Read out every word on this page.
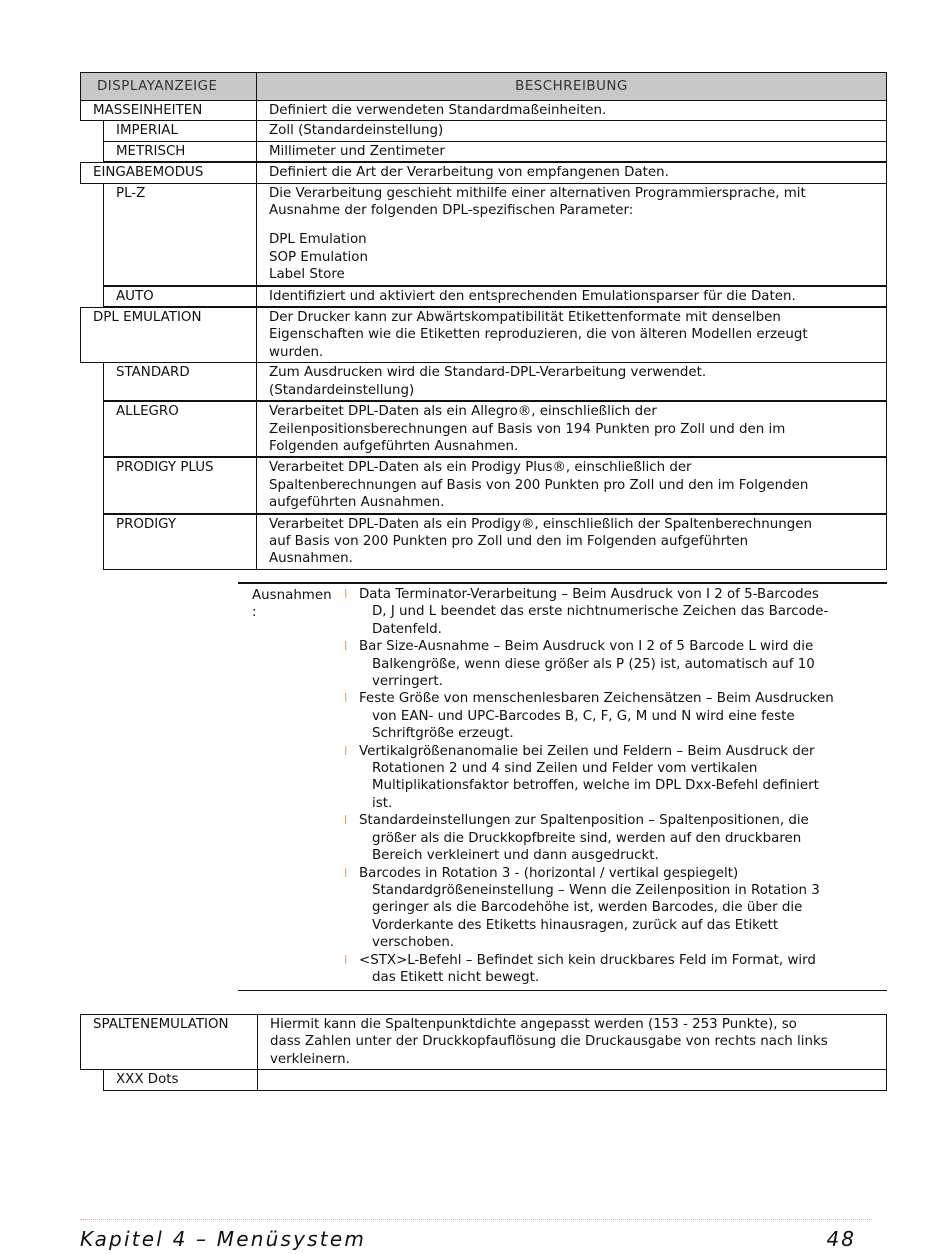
DISPLAYANZEIGE	BESCHREIBUNG
MASSEINHEITEN	Definiert die verwendeten Standardmaßeinheiten.
IMPERIAL	Zoll (Standardeinstellung)
METRISCH	Millimeter und Zentimeter
EINGABEMODUS	Definiert die Art der Verarbeitung von empfangenen Daten.
PL-Z	Die Verarbeitung geschieht mithilfe einer alternativen Programmiersprache, mit
Ausnahme der folgenden DPL-spezifischen Parameter:
DPL Emulation
SOP Emulation
Label Store
AUTO	Identifiziert und aktiviert den entsprechenden Emulationsparser für die Daten.
DPL EMULATION	Der Drucker kann zur Abwärtskompatibilität Etikettenformate mit denselben
Eigenschaften wie die Etiketten reproduzieren, die von älteren Modellen erzeugt
wurden.
STANDARD	Zum Ausdrucken wird die Standard-DPL-Verarbeitung verwendet.
(Standardeinstellung)
ALLEGRO	Verarbeitet DPL-Daten als ein Allegro®, einschließlich der
Zeilenpositionsberechnungen auf Basis von 194 Punkten pro Zoll und den im
Folgenden aufgeführten Ausnahmen.
PRODIGY PLUS	Verarbeitet DPL-Daten als ein Prodigy Plus®, einschließlich der
Spaltenberechnungen auf Basis von 200 Punkten pro Zoll und den im Folgenden
aufgeführten Ausnahmen.
PRODIGY	Verarbeitet DPL-Daten als ein Prodigy®, einschließlich der Spaltenberechnungen
auf Basis von 200 Punkten pro Zoll und den im Folgenden aufgeführten
Ausnahmen.
Ausnahmen
:
❘ Data Terminator-Verarbeitung – Beim Ausdruck von I 2 of 5-Barcodes
D, J und L beendet das erste nichtnumerische Zeichen das Barcode-
Datenfeld.
❘ Bar Size-Ausnahme – Beim Ausdruck von I 2 of 5 Barcode L wird die
Balkengröße, wenn diese größer als P (25) ist, automatisch auf 10
verringert.
❘ Feste Größe von menschenlesbaren Zeichensätzen – Beim Ausdrucken
von EAN- und UPC-Barcodes B, C, F, G, M und N wird eine feste
Schriftgröße erzeugt.
❘ Vertikalgrößenanomalie bei Zeilen und Feldern – Beim Ausdruck der
Rotationen 2 und 4 sind Zeilen und Felder vom vertikalen
Multiplikationsfaktor betroffen, welche im DPL Dxx-Befehl definiert
ist.
❘ Standardeinstellungen zur Spaltenposition – Spaltenpositionen, die
größer als die Druckkopfbreite sind, werden auf den druckbaren
Bereich verkleinert und dann ausgedruckt.
❘ Barcodes in Rotation 3 - (horizontal / vertikal gespiegelt)
Standardgrößeneinstellung – Wenn die Zeilenposition in Rotation 3
geringer als die Barcodehöhe ist, werden Barcodes, die über die
Vorderkante des Etiketts hinausragen, zurück auf das Etikett
verschoben.
❘ <STX>L-Befehl – Befindet sich kein druckbares Feld im Format, wird
das Etikett nicht bewegt.
SPALTENEMULATION	Hiermit kann die Spaltenpunktdichte angepasst werden (153 - 253 Punkte), so
dass Zahlen unter der Druckkopfauflösung die Druckausgabe von rechts nach links
verkleinern.
XXX Dots

Kapitel 4 – Menüsystem	48
